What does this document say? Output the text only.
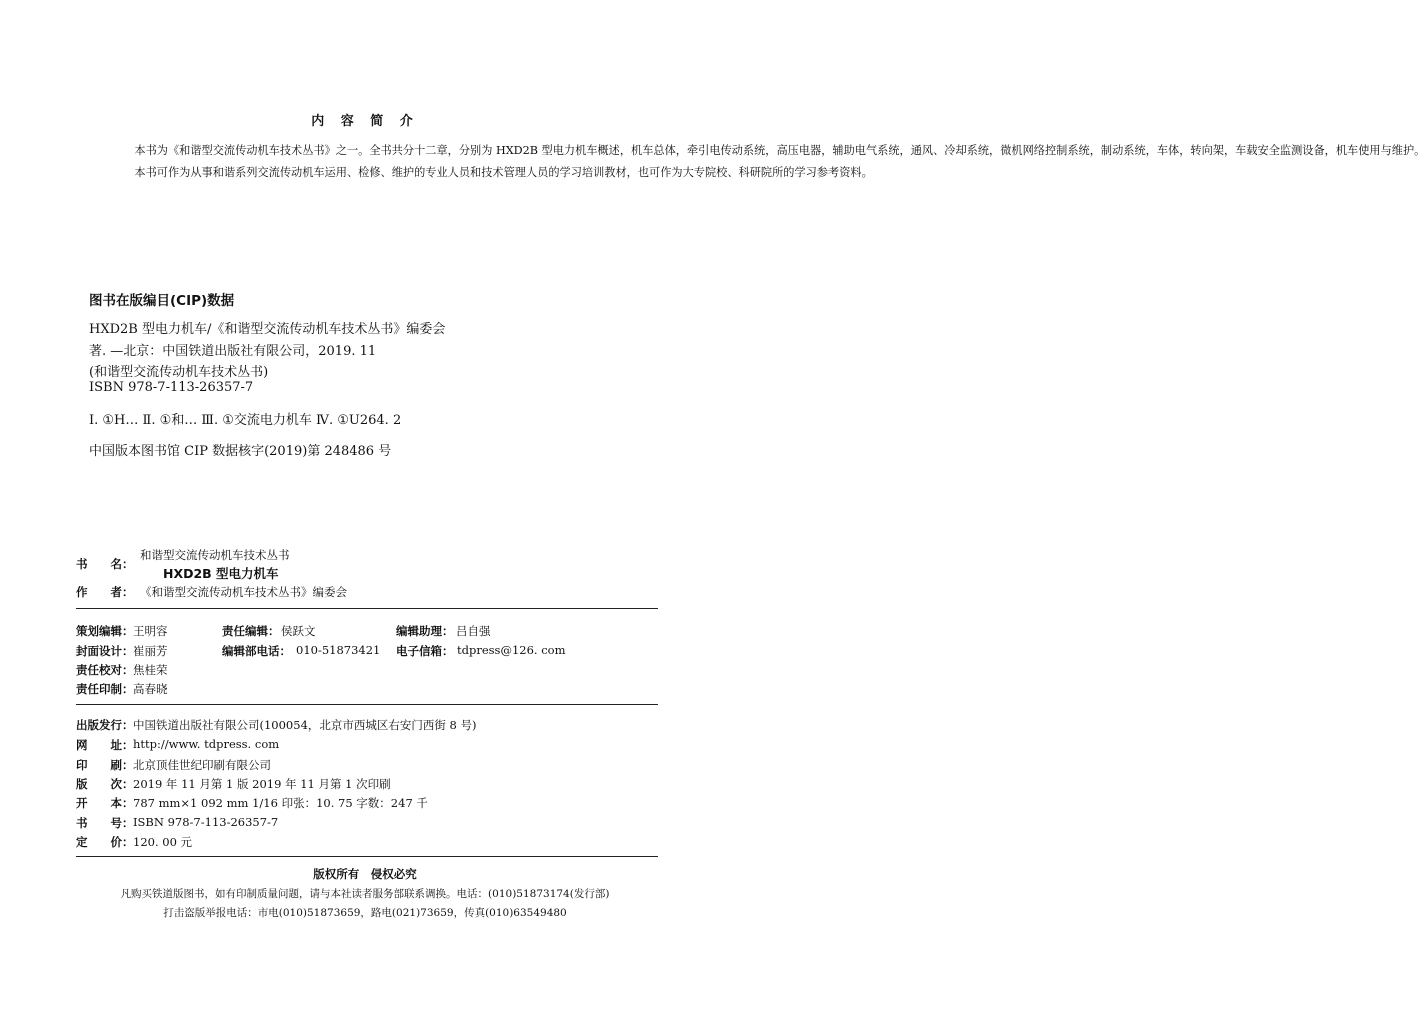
内 容 简 介

本书为《和谐型交流传动机车技术丛书》之一。全书共分十二章，分别为 HXD2B 型电力机车概述，机车总体，牵引电传动系统，高压电器，辅助电气系统，通风、冷却系统，微机网络控制系统，制动系统，车体，转向架，车载安全监测设备，机车使用与维护。

本书可作为从事和谐系列交流传动机车运用、检修、维护的专业人员和技术管理人员的学习培训教材，也可作为大专院校、科研院所的学习参考资料。

图书在版编目(CIP)数据
HXD2B 型电力机车/《和谐型交流传动机车技术丛书》编委会
著. —北京：中国铁道出版社有限公司，2019. 11
(和谐型交流传动机车技术丛书)
ISBN 978-7-113-26357-7
Ⅰ. ①H… Ⅱ. ①和… Ⅲ. ①交流电力机车 Ⅳ. ①U264. 2
中国版本图书馆 CIP 数据核字(2019)第 248486 号
书　　名：
和谐型交流传动机车技术丛书
HXD2B 型电力机车
作　　者： 《和谐型交流传动机车技术丛书》编委会
策划编辑： 王明容	责任编辑： 侯跃文	编辑助理： 吕自强
封面设计： 崔丽芳	编辑部电话： 010-51873421 电子信箱： tdpress@126. com
责任校对： 焦桂荣
责任印制： 高春晓
出版发行： 中国铁道出版社有限公司(100054，北京市西城区右安门西街 8 号)
网　　址： http://www. tdpress. com
印　　刷： 北京顶佳世纪印刷有限公司
版　　次： 2019 年 11 月第 1 版 2019 年 11 月第 1 次印刷
开　　本： 787 mm×1 092 mm 1/16 印张：10. 75 字数：247 千
书　　号： ISBN 978-7-113-26357-7
定　　价： 120. 00 元
版权所有　侵权必究
凡购买铁道版图书，如有印制质量问题，请与本社读者服务部联系调换。电话：(010)51873174(发行部)
打击盗版举报电话：市电(010)51873659，路电(021)73659，传真(010)63549480
